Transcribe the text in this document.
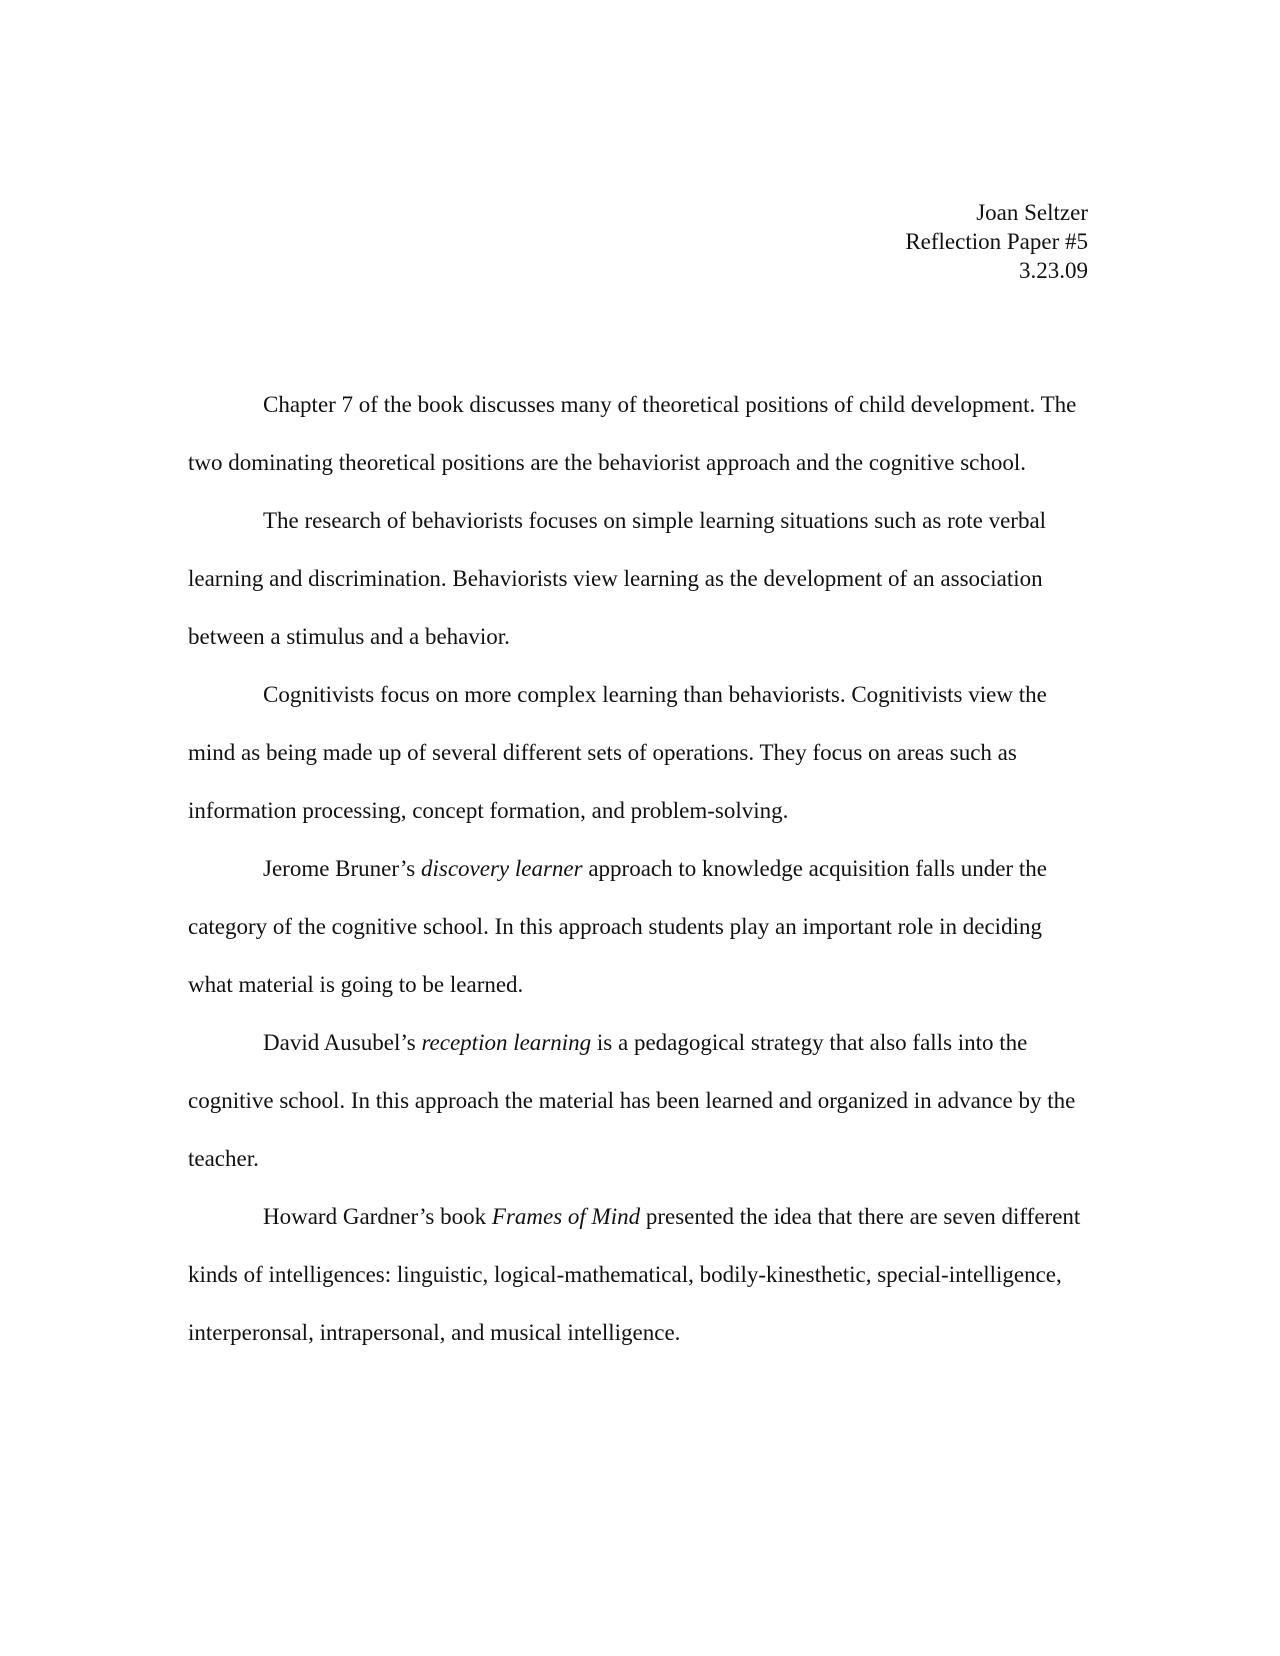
Joan Seltzer
Reflection Paper #5
3.23.09

Chapter 7 of the book discusses many of theoretical positions of child development. The two dominating theoretical positions are the behaviorist approach and the cognitive school.

The research of behaviorists focuses on simple learning situations such as rote verbal learning and discrimination. Behaviorists view learning as the development of an association between a stimulus and a behavior.

Cognitivists focus on more complex learning than behaviorists. Cognitivists view the mind as being made up of several different sets of operations. They focus on areas such as information processing, concept formation, and problem-solving.

Jerome Bruner’s discovery learner approach to knowledge acquisition falls under the category of the cognitive school. In this approach students play an important role in deciding what material is going to be learned.

David Ausubel’s reception learning is a pedagogical strategy that also falls into the cognitive school. In this approach the material has been learned and organized in advance by the teacher.

Howard Gardner’s book Frames of Mind presented the idea that there are seven different kinds of intelligences: linguistic, logical-mathematical, bodily-kinesthetic, special-intelligence, interperonsal, intrapersonal, and musical intelligence.
